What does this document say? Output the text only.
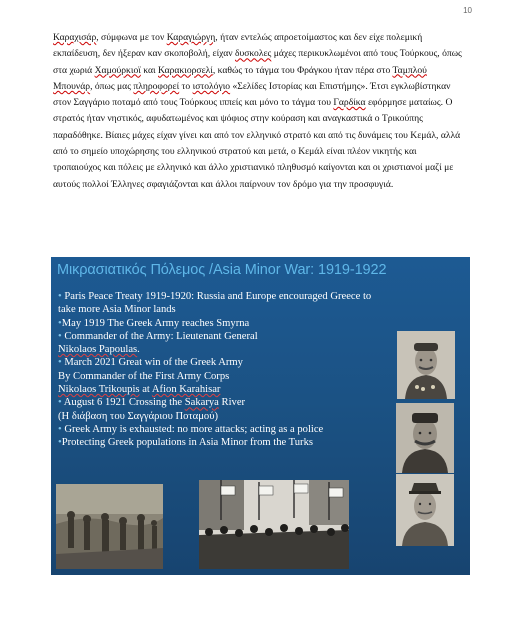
10

Καραχισάρ, σύμφωνα με τον Καραγιώργη, ήταν εντελώς απροετοίμαστος και δεν είχε πολεμική εκπαίδευση, δεν ήξεραν καν σκοποβολή, είχαν δυσκολες μάχες περικυκλωμένοι από τους Τούρκους, όπως στα χωριά Χαμούρκιοϊ και Καρακιορσελί, καθώς το τάγμα του Φράγκου ήταν πέρα στο Ταμπλού Μπουνάρ, όπως μας πληροφορεί το ιστολόγιο «Σελίδες Ιστορίας και Επιστήμης». Έτσι εγκλωβίστηκαν στον Σαγγάριο ποταμό από τους Τούρκους ιππείς και μόνο το τάγμα του Γαρδίκα εφόρμησε ματαίως. Ο στρατός ήταν νηστικός, αφυδατωμένος και ψόφιος στην κούραση και αναγκαστικά ο Τρικούπης παραδόθηκε. Βίαιες μάχες είχαν γίνει και από τον ελληνικό στρατό και από τις δυνάμεις του Κεμάλ, αλλά από το σημείο υποχώρησης του ελληνικού στρατού και μετά, ο Κεμάλ είναι πλέον νικητής και τροπαιούχος και πόλεις με ελληνικό και άλλο χριστιανικό πληθυσμό καίγονται και οι χριστιανοί μαζί με αυτούς πολλοί Έλληνες σφαγιάζονται και άλλοι παίρνουν τον δρόμο για την προσφυγιά.

Μικρασιατικός Πόλεμος /Asia Minor War: 1919-1922
• Paris Peace Treaty 1919-1920: Russia and Europe encouraged Greece to
take more Asia Minor lands
•May 1919 The Greek Army reaches Smyrna
• Commander of the Army: Lieutenant General
Nikolaos Papoulas.
• March 2021 Great win of the Greek Army
By Commander of the First Army Corps
Nikolaos Trikoupis at Afion Karahisar
• August 6 1921 Crossing the Sakarya River
(Η διάβαση του Σαγγάριου Ποταμού)
• Greek Army is exhausted: no more attacks; acting as a police
•Protecting Greek populations in Asia Minor from the Turks
